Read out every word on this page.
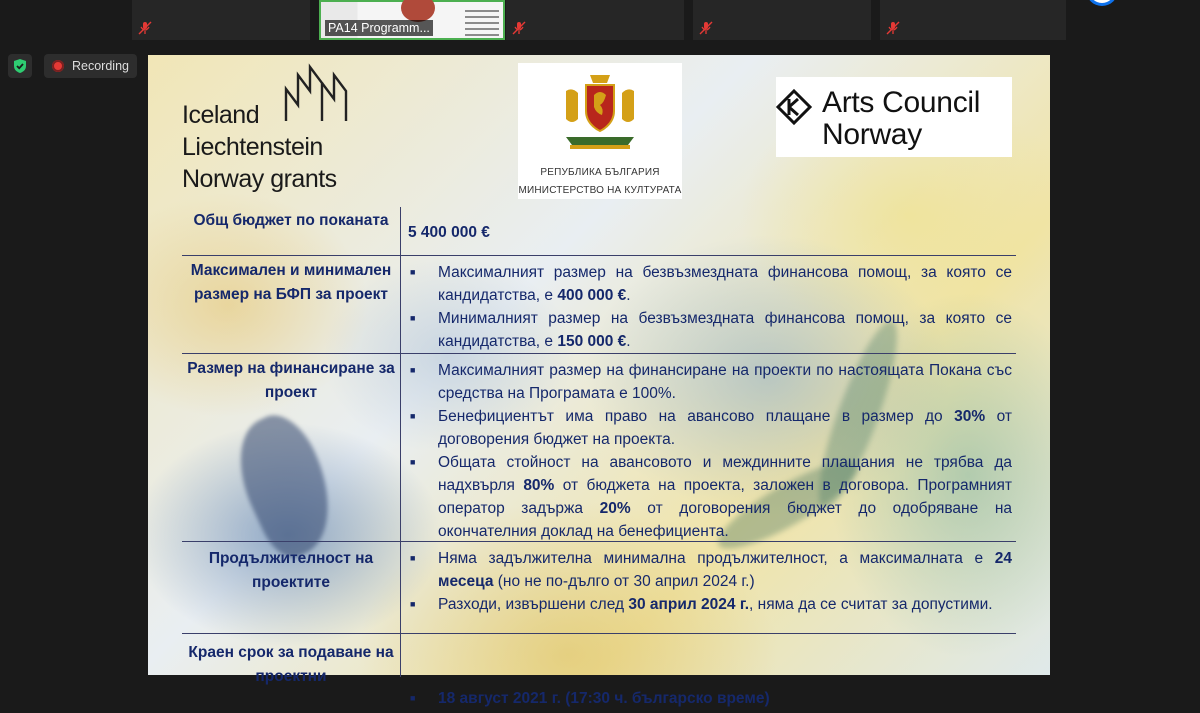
PA14 Programm...
Recording
Iceland
Liechtenstein
Norway grants	РЕПУБЛИКА БЪЛГАРИЯ
МИНИСТЕРСТВО НА КУЛТУРАТА
Arts Council
Norway
Общ бюджет по поканата
5 400 000 €
Максимален и минимален размер на БФП за проект
■ Максималният размер на безвъзмездната финансова помощ, за която се кандидатства, е 400 000 €.
■ Минималният размер на безвъзмездната финансова помощ, за която се кандидатства, е 150 000 €.
Размер на финансиране за проект
■ Максималният размер на финансиране на проекти по настоящата Покана със средства на Програмата е 100%.
■ Бенефициентът има право на авансово плащане в размер до 30% от договорения бюджет на проекта.
■ Общата стойност на авансовото и междинните плащания не трябва да надхвърля 80% от бюджета на проекта, заложен в договора. Програмният оператор задържа 20% от договорения бюджет до одобряване на окончателния доклад на бенефициента.
Продължителност на проектите
■ Няма задължителна минимална продължителност, а максималната е 24 месеца (но не по-дълго от 30 април 2024 г.)
■ Разходи, извършени след 30 април 2024 г., няма да се считат за допустими.
Краен срок за подаване на проектни
■ 18 август 2021 г. (17:30 ч. българско време)
